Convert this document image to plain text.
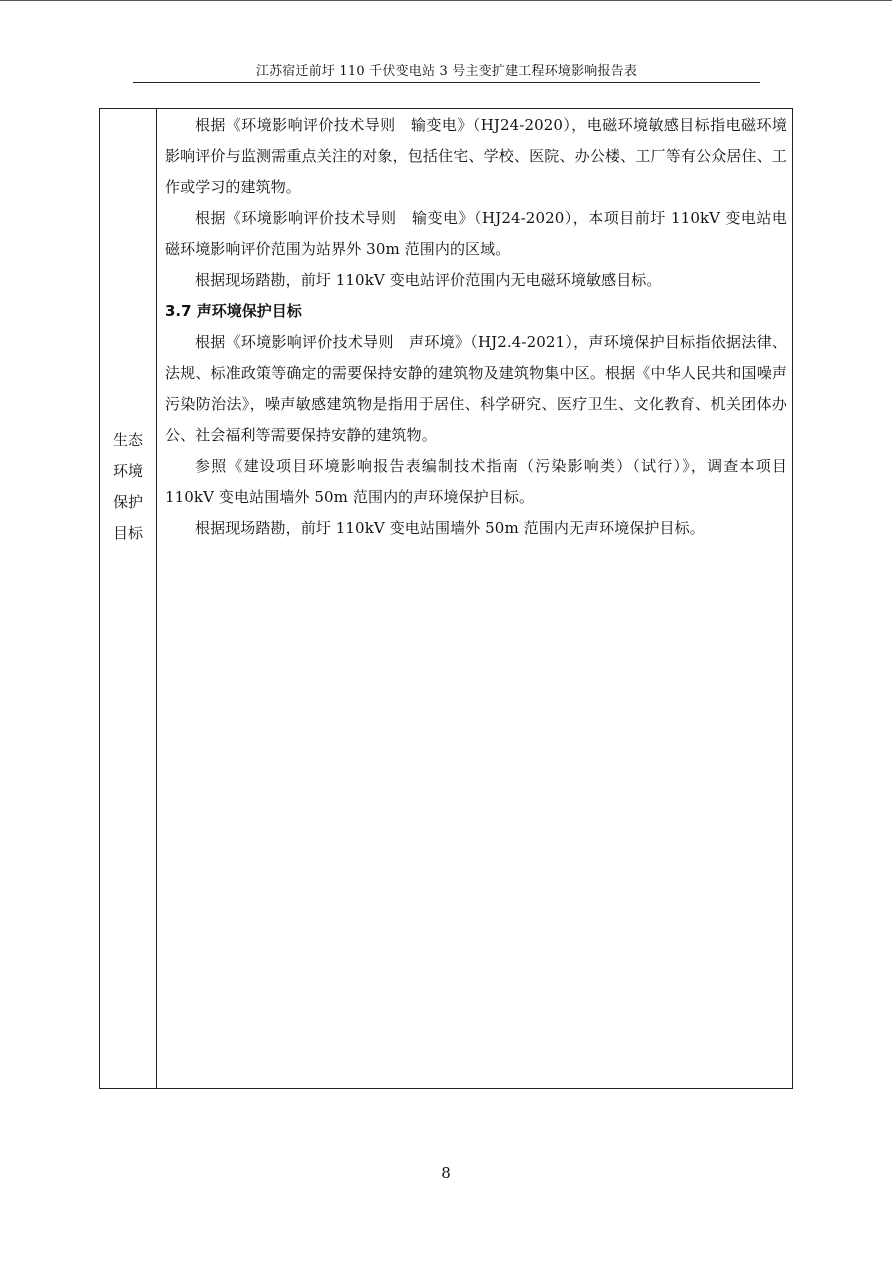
江苏宿迁前圩 110 千伏变电站 3 号主变扩建工程环境影响报告表
生态
环境
保护
目标

根据《环境影响评价技术导则　输变电》（HJ24-2020），电磁环境敏感目标指电磁环境影响评价与监测需重点关注的对象，包括住宅、学校、医院、办公楼、工厂等有公众居住、工作或学习的建筑物。

根据《环境影响评价技术导则　输变电》（HJ24-2020），本项目前圩 110kV 变电站电磁环境影响评价范围为站界外 30m 范围内的区域。

根据现场踏勘，前圩 110kV 变电站评价范围内无电磁环境敏感目标。

3.7 声环境保护目标

根据《环境影响评价技术导则　声环境》（HJ2.4-2021），声环境保护目标指依据法律、法规、标准政策等确定的需要保持安静的建筑物及建筑物集中区。根据《中华人民共和国噪声污染防治法》，噪声敏感建筑物是指用于居住、科学研究、医疗卫生、文化教育、机关团体办公、社会福利等需要保持安静的建筑物。

参照《建设项目环境影响报告表编制技术指南（污染影响类）（试行）》，调查本项目 110kV 变电站围墙外 50m 范围内的声环境保护目标。

根据现场踏勘，前圩 110kV 变电站围墙外 50m 范围内无声环境保护目标。

8
